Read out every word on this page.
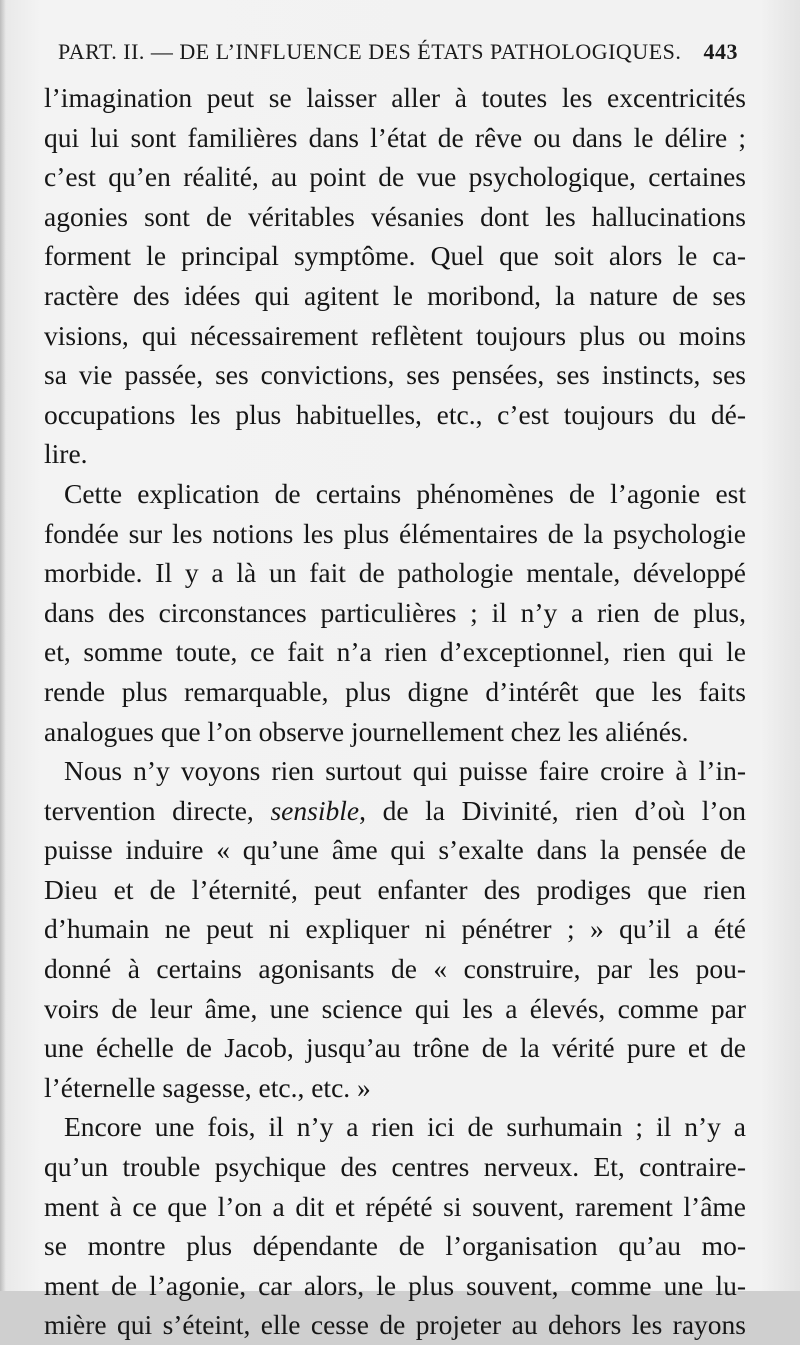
PART. II. — DE L’INFLUENCE DES ÉTATS PATHOLOGIQUES. 443
l’imagination peut se laisser aller à toutes les excentricités
qui lui sont familières dans l’état de rêve ou dans le délire ;
c’est qu’en réalité, au point de vue psychologique, certaines
agonies sont de véritables vésanies dont les hallucinations
forment le principal symptôme. Quel que soit alors le ca-
ractère des idées qui agitent le moribond, la nature de ses
visions, qui nécessairement reflètent toujours plus ou moins
sa vie passée, ses convictions, ses pensées, ses instincts, ses
occupations les plus habituelles, etc., c’est toujours du dé-
lire.
Cette explication de certains phénomènes de l’agonie est
fondée sur les notions les plus élémentaires de la psychologie
morbide. Il y a là un fait de pathologie mentale, développé
dans des circonstances particulières ; il n’y a rien de plus,
et, somme toute, ce fait n’a rien d’exceptionnel, rien qui le
rende plus remarquable, plus digne d’intérêt que les faits
analogues que l’on observe journellement chez les aliénés.
Nous n’y voyons rien surtout qui puisse faire croire à l’in-
tervention directe, sensible, de la Divinité, rien d’où l’on
puisse induire « qu’une âme qui s’exalte dans la pensée de
Dieu et de l’éternité, peut enfanter des prodiges que rien
d’humain ne peut ni expliquer ni pénétrer ; » qu’il a été
donné à certains agonisants de « construire, par les pou-
voirs de leur âme, une science qui les a élevés, comme par
une échelle de Jacob, jusqu’au trône de la vérité pure et de
l’éternelle sagesse, etc., etc. »
Encore une fois, il n’y a rien ici de surhumain ; il n’y a
qu’un trouble psychique des centres nerveux. Et, contraire-
ment à ce que l’on a dit et répété si souvent, rarement l’âme
se montre plus dépendante de l’organisation qu’au mo-
ment de l’agonie, car alors, le plus souvent, comme une lu-
mière qui s’éteint, elle cesse de projeter au dehors les rayons
